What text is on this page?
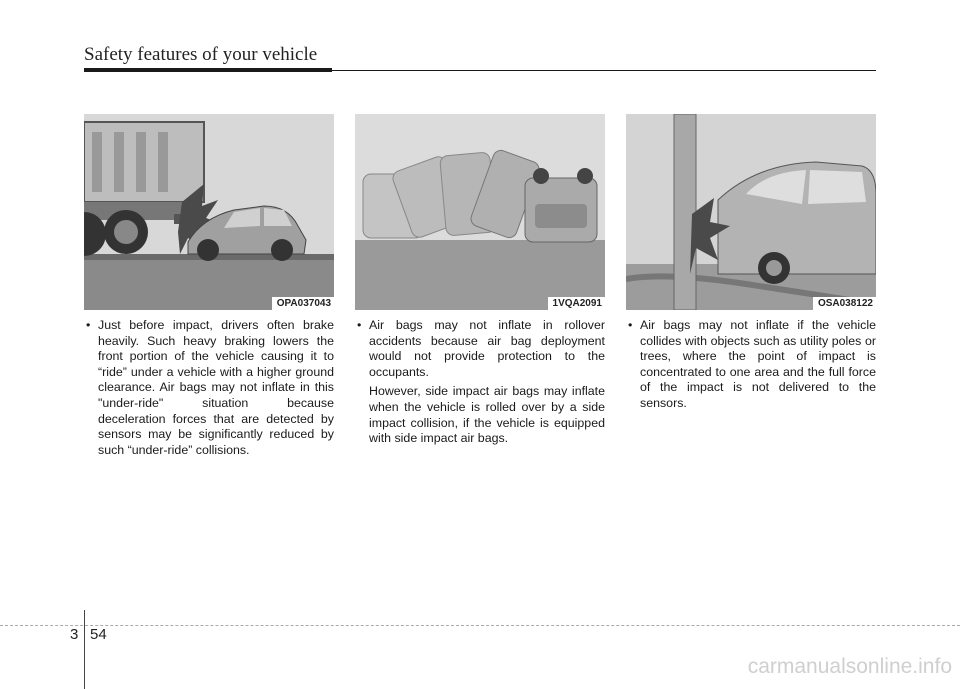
Safety features of your vehicle
OPA037043	1VQA2091	OSA038122
• Just before impact, drivers often brake heavily. Such heavy braking lowers the front portion of the vehicle causing it to “ride” under a vehicle with a higher ground clearance. Air bags may not inflate in this "under-ride" situation because deceleration forces that are detected by sensors may be significantly reduced by such “under-ride” collisions.

• Air bags may not inflate in rollover accidents because air bag deployment would not provide protection to the occupants.

However, side impact air bags may inflate when the vehicle is rolled over by a side impact collision, if the vehicle is equipped with side impact air bags.

• Air bags may not inflate if the vehicle collides with objects such as utility poles or trees, where the point of impact is concentrated to one area and the full force of the impact is not delivered to the sensors.

3 54
carmanualsonline.info
